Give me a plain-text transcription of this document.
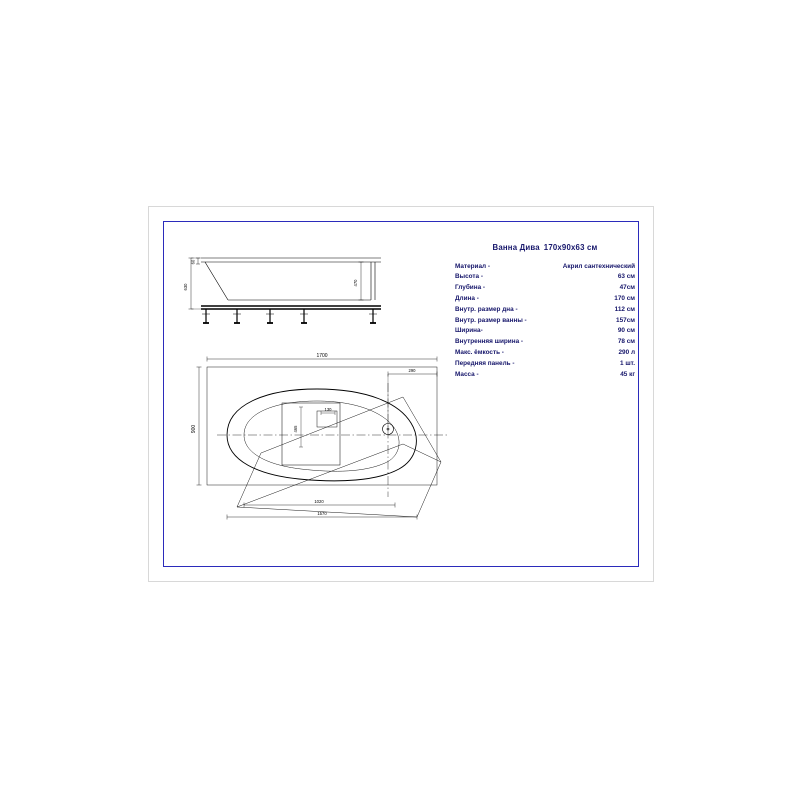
630
60
470
1700
290
900
1020
1570
465
130
Ванна Дива 170x90x63 см
Материал -	Акрил сантехнический
Высота -	63 см
Глубина -	47см
Длина -	170 см
Внутр. размер дна -	112 см
Внутр. размер ванны -	157см
Ширина-	90 см
Внутренняя ширина -	78 см
Макс. ёмкость -	290 л
Передняя панель -	1 шт.
Масса -	45 кг
